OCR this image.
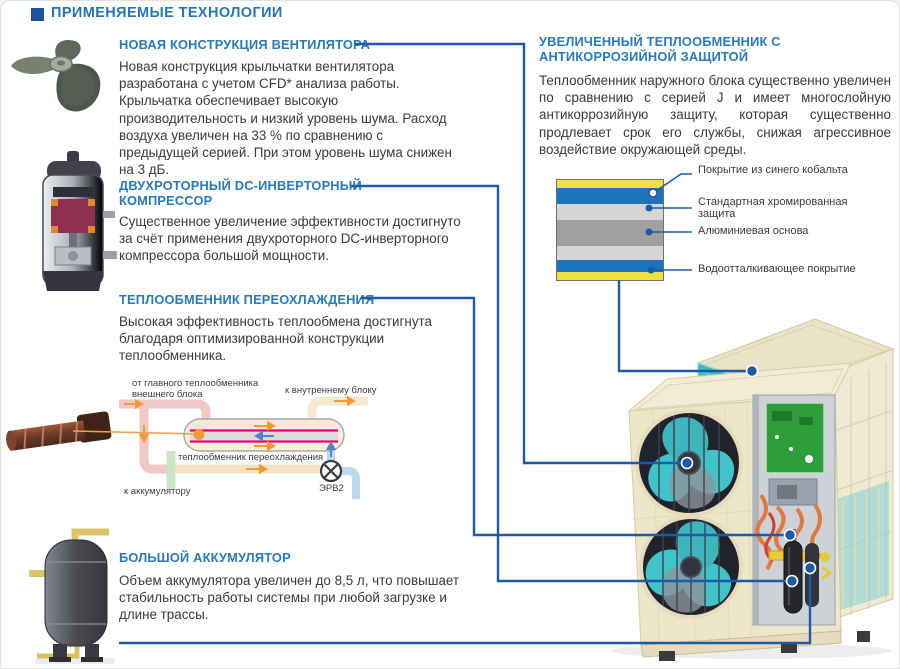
ПРИМЕНЯЕМЫЕ ТЕХНОЛОГИИ
НОВАЯ КОНСТРУКЦИЯ ВЕНТИЛЯТОРА
Новая конструкция крыльчатки вентилятора разработана с учетом CFD* анализа работы. Крыльчатка обеспечивает высокую производительность и низкий уровень шума. Расход воздуха увеличен на 33 % по сравнению с предыдущей серией. При этом уровень шума снижен на 3 дБ.
ДВУХРОТОРНЫЙ DC-ИНВЕРТОРНЫЙ КОМПРЕССОР
Существенное увеличение эффективности достигнуто за счёт применения двухроторного DC-инверторного компрессора большой мощности.
ТЕПЛООБМЕННИК ПЕРЕОХЛАЖДЕНИЯ
Высокая эффективность теплообмена достигнута благодаря оптимизированной конструкции теплообменника.
БОЛЬШОЙ АККУМУЛЯТОР
Объем аккумулятора увеличен до 8,5 л, что повышает стабильность работы системы при любой загрузке и длине трассы.
УВЕЛИЧЕННЫЙ ТЕПЛООБМЕННИК С АНТИКОРРОЗИЙНОЙ ЗАЩИТОЙ
Теплообменник наружного блока существенно увеличен по сравнению с серией J и имеет многослойную антикоррозийную защиту, которая существенно продлевает срок его службы, снижая агрессивное воздействие окружающей среды.
Покрытие из синего кобальта
Стандартная хромированная защита
Алюминиевая основа
Водоотталкивающее покрытие
от главного теплообменника внешнего блока	к внутреннему блоку
теплообменник переохлаждения
к аккумулятору	ЭРВ2
